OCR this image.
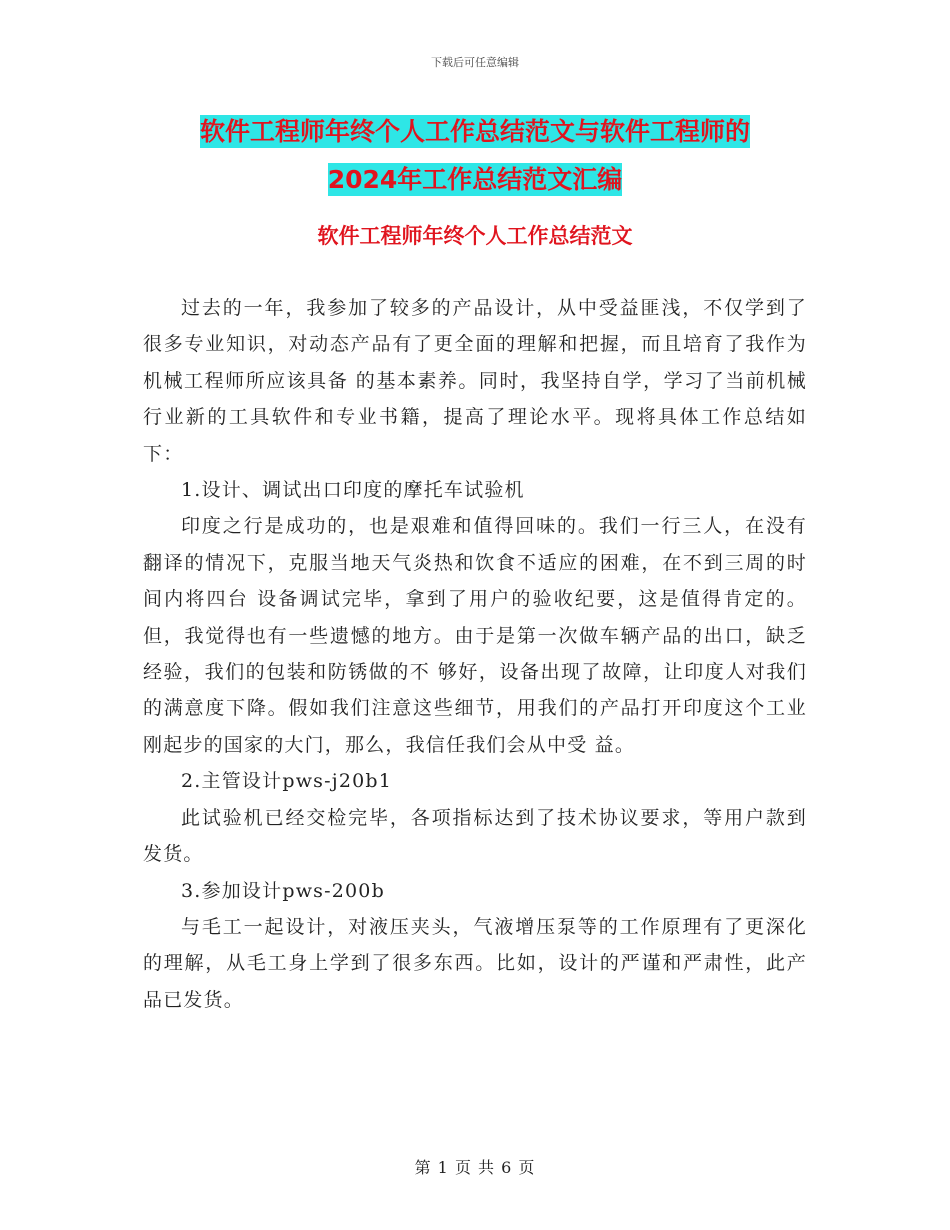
下载后可任意编辑
软件工程师年终个人工作总结范文与软件工程师的
2024年工作总结范文汇编
软件工程师年终个人工作总结范文

过去的一年，我参加了较多的产品设计，从中受益匪浅，不仅学到了很多专业知识，对动态产品有了更全面的理解和把握，而且培育了我作为机械工程师所应该具备 的基本素养。同时，我坚持自学，学习了当前机械行业新的工具软件和专业书籍，提高了理论水平。现将具体工作总结如下：

1.设计、调试出口印度的摩托车试验机

印度之行是成功的，也是艰难和值得回味的。我们一行三人，在没有翻译的情况下，克服当地天气炎热和饮食不适应的困难，在不到三周的时间内将四台 设备调试完毕，拿到了用户的验收纪要，这是值得肯定的。但，我觉得也有一些遗憾的地方。由于是第一次做车辆产品的出口，缺乏经验，我们的包装和防锈做的不 够好，设备出现了故障，让印度人对我们的满意度下降。假如我们注意这些细节，用我们的产品打开印度这个工业刚起步的国家的大门，那么，我信任我们会从中受 益。

2.主管设计pws-j20b1

此试验机已经交检完毕，各项指标达到了技术协议要求，等用户款到发货。

3.参加设计pws-200b

与毛工一起设计，对液压夹头，气液增压泵等的工作原理有了更深化的理解，从毛工身上学到了很多东西。比如，设计的严谨和严肃性，此产品已发货。

第 1 页 共 6 页
